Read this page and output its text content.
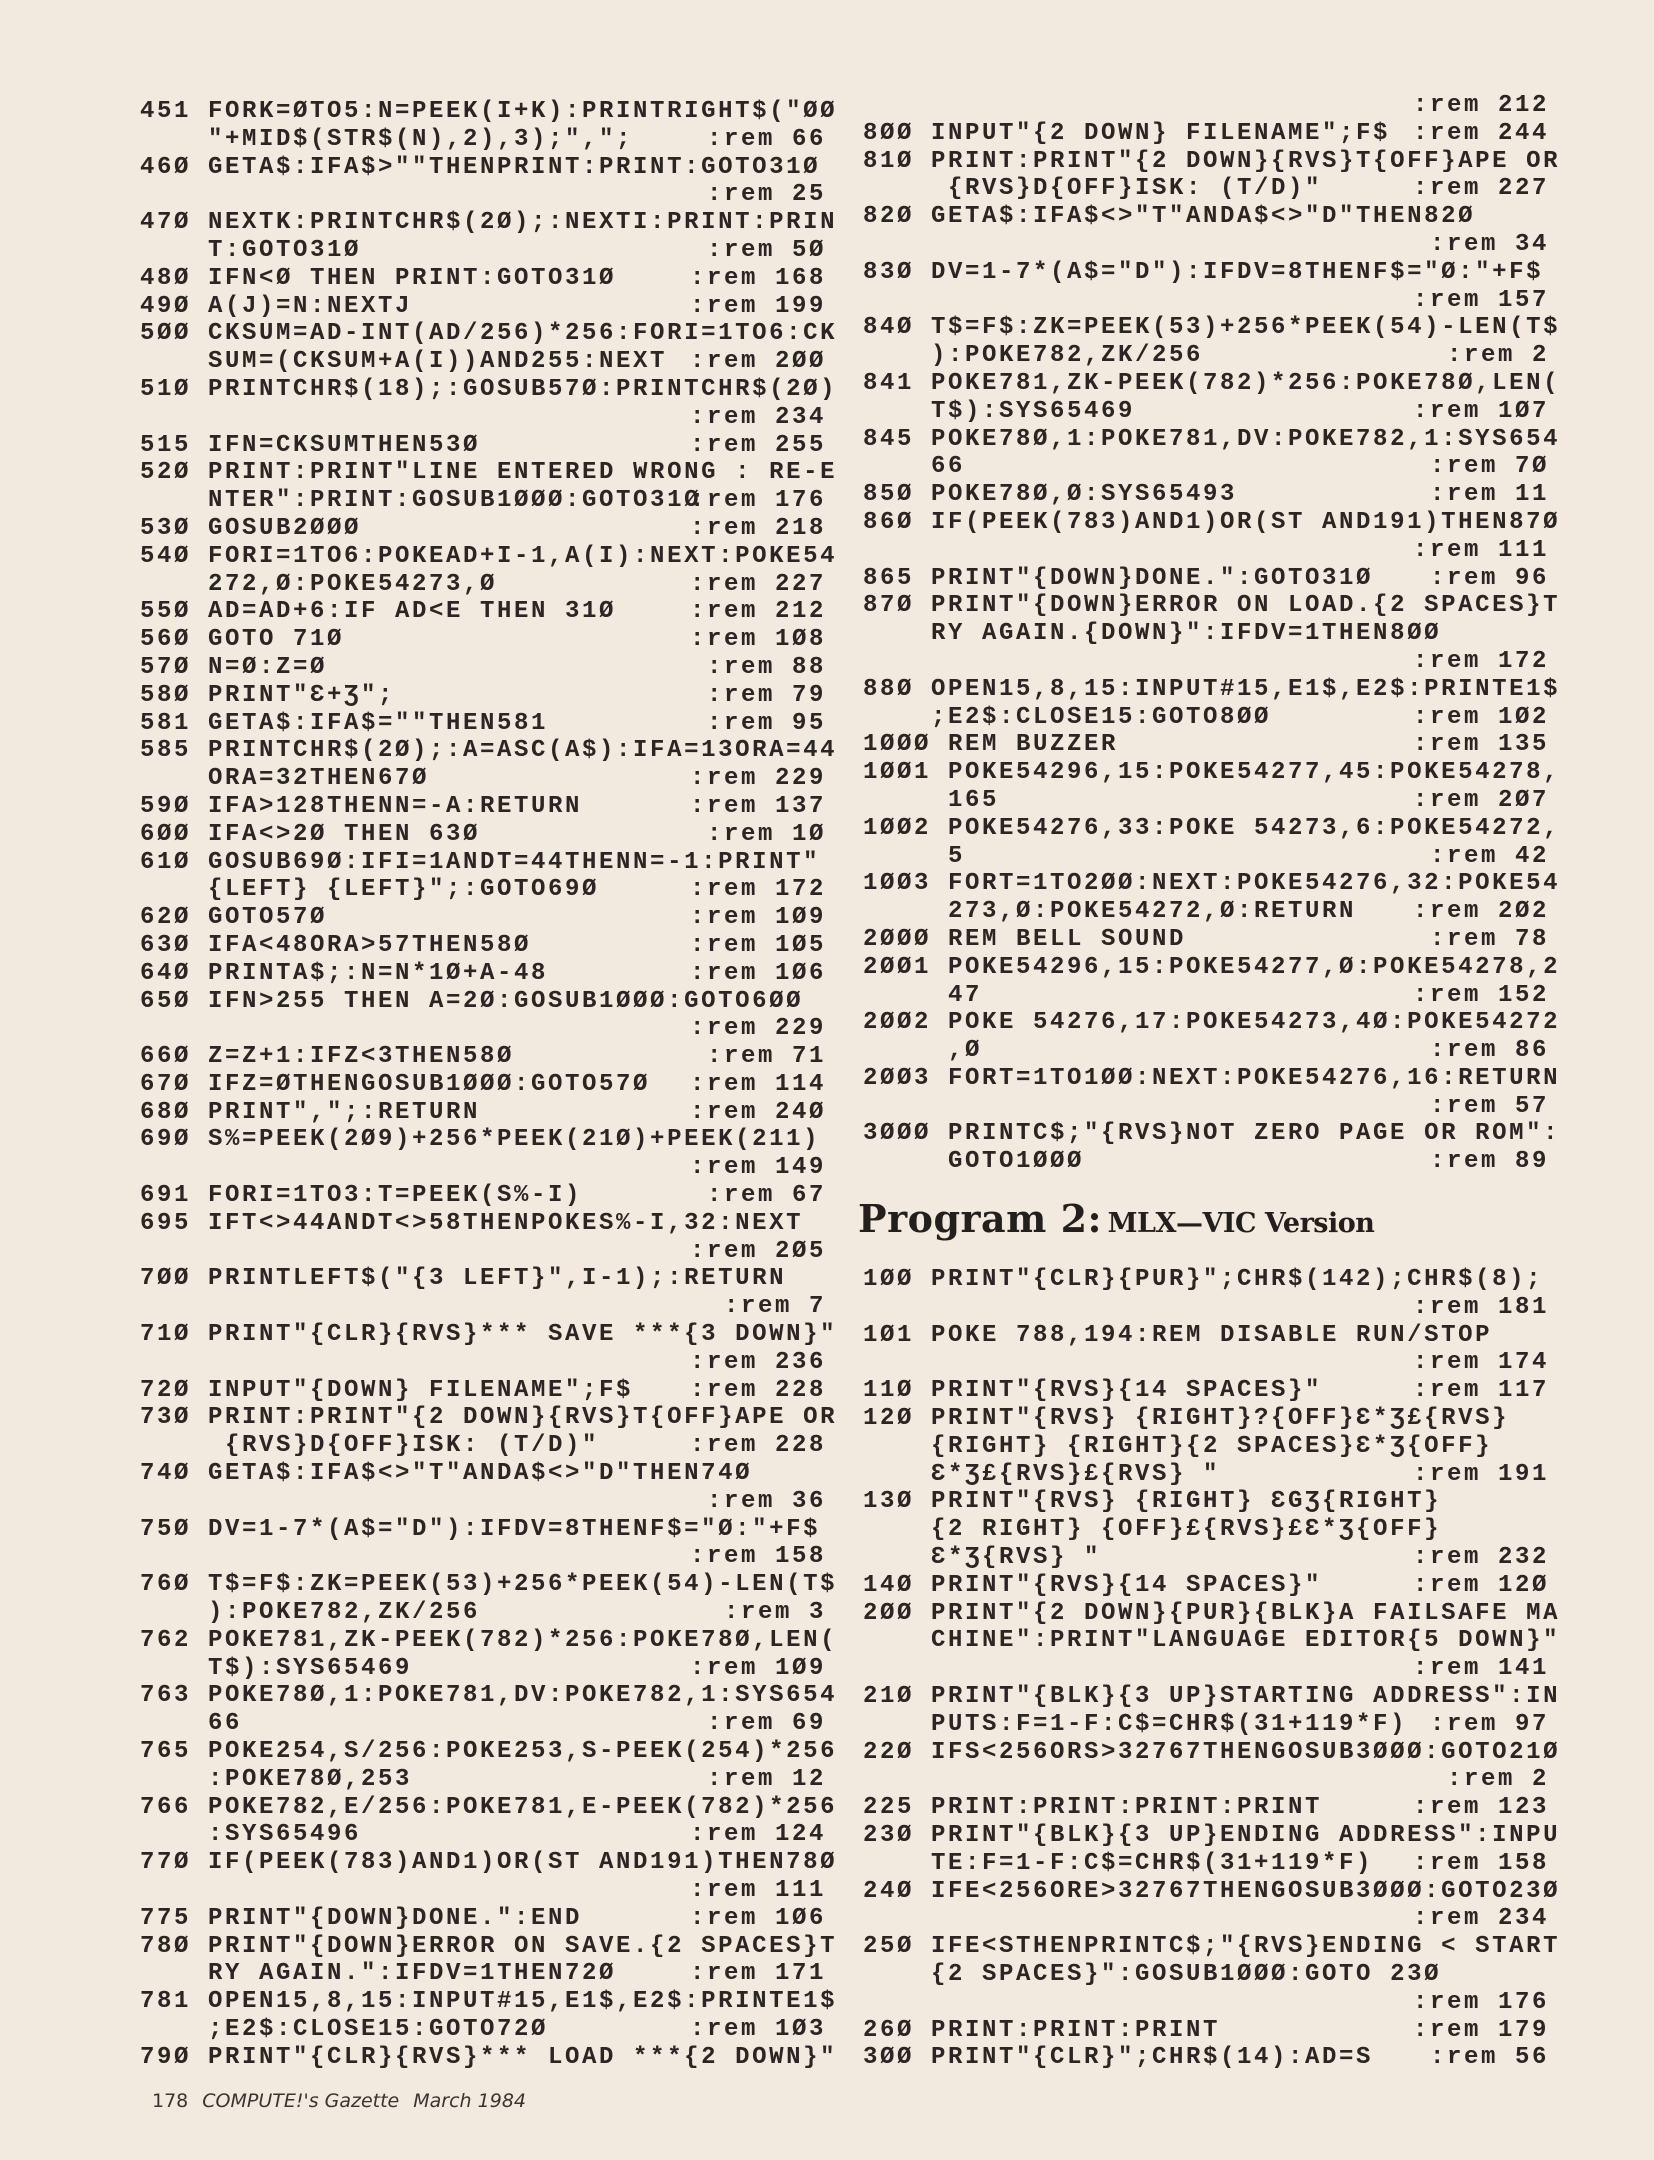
451 FORK=ØTO5:N=PEEK(I+K):PRINTRIGHT$("ØØ
"+MID$(STR$(N),2),3);",";	:rem 66
46Ø GETA$:IFA$>""THENPRINT:PRINT:GOTO31Ø
:rem 25
47Ø NEXTK:PRINTCHR$(2Ø);:NEXTI:PRINT:PRIN
T:GOTO31Ø	:rem 5Ø
48Ø IFN<Ø THEN PRINT:GOTO31Ø	:rem 168
49Ø A(J)=N:NEXTJ	:rem 199
5ØØ CKSUM=AD-INT(AD/256)*256:FORI=1TO6:CK
SUM=(CKSUM+A(I))AND255:NEXT :rem 2ØØ
51Ø PRINTCHR$(18);:GOSUB57Ø:PRINTCHR$(2Ø)
:rem 234
515 IFN=CKSUMTHEN53Ø	:rem 255
52Ø PRINT:PRINT"LINE ENTERED WRONG : RE-E
NTER":PRINT:GOSUB1ØØØ:GOTO31Ø
:rem 176
53Ø GOSUB2ØØØ	:rem 218
54Ø FORI=1TO6:POKEAD+I-1,A(I):NEXT:POKE54
272,Ø:POKE54273,Ø	:rem 227
55Ø AD=AD+6:IF AD<E THEN 31Ø	:rem 212
56Ø GOTO 71Ø	:rem 1Ø8
57Ø N=Ø:Z=Ø	:rem 88
58Ø PRINT"Ɛ+Ʒ";	:rem 79
581 GETA$:IFA$=""THEN581	:rem 95
585 PRINTCHR$(2Ø);:A=ASC(A$):IFA=13ORA=44
ORA=32THEN67Ø	:rem 229
59Ø IFA>128THENN=-A:RETURN	:rem 137
6ØØ IFA<>2Ø THEN 63Ø	:rem 1Ø
61Ø GOSUB69Ø:IFI=1ANDT=44THENN=-1:PRINT"
{LEFT} {LEFT}";:GOTO69Ø	:rem 172
62Ø GOTO57Ø	:rem 1Ø9
63Ø IFA<48ORA>57THEN58Ø	:rem 1Ø5
64Ø PRINTA$;:N=N*1Ø+A-48	:rem 1Ø6
65Ø IFN>255 THEN A=2Ø:GOSUB1ØØØ:GOTO6ØØ
:rem 229
66Ø Z=Z+1:IFZ<3THEN58Ø	:rem 71
67Ø IFZ=ØTHENGOSUB1ØØØ:GOTO57Ø :rem 114
68Ø PRINT",";:RETURN	:rem 24Ø
69Ø S%=PEEK(2Ø9)+256*PEEK(21Ø)+PEEK(211)
:rem 149
691 FORI=1TO3:T=PEEK(S%-I)	:rem 67
695 IFT<>44ANDT<>58THENPOKES%-I,32:NEXT
:rem 2Ø5
7ØØ PRINTLEFT$("{3 LEFT}",I-1);:RETURN
:rem 7
71Ø PRINT"{CLR}{RVS}*** SAVE ***{3 DOWN}"
:rem 236
72Ø INPUT"{DOWN} FILENAME";F$ :rem 228
73Ø PRINT:PRINT"{2 DOWN}{RVS}T{OFF}APE OR
{RVS}D{OFF}ISK: (T/D)"	:rem 228
74Ø GETA$:IFA$<>"T"ANDA$<>"D"THEN74Ø
:rem 36
75Ø DV=1-7*(A$="D"):IFDV=8THENF$="Ø:"+F$
:rem 158
76Ø T$=F$:ZK=PEEK(53)+256*PEEK(54)-LEN(T$
):POKE782,ZK/256	:rem 3
762 POKE781,ZK-PEEK(782)*256:POKE78Ø,LEN(
T$):SYS65469	:rem 1Ø9
763 POKE78Ø,1:POKE781,DV:POKE782,1:SYS654
66	:rem 69
765 POKE254,S/256:POKE253,S-PEEK(254)*256
:POKE78Ø,253	:rem 12
766 POKE782,E/256:POKE781,E-PEEK(782)*256
:SYS65496	:rem 124
77Ø IF(PEEK(783)AND1)OR(ST AND191)THEN78Ø
:rem 111
775 PRINT"{DOWN}DONE.":END	:rem 1Ø6
78Ø PRINT"{DOWN}ERROR ON SAVE.{2 SPACES}T
RY AGAIN.":IFDV=1THEN72Ø	:rem 171
781 OPEN15,8,15:INPUT#15,E1$,E2$:PRINTE1$
;E2$:CLOSE15:GOTO72Ø	:rem 1Ø3
79Ø PRINT"{CLR}{RVS}*** LOAD ***{2 DOWN}"
:rem 212
8ØØ INPUT"{2 DOWN} FILENAME";F$ :rem 244
81Ø PRINT:PRINT"{2 DOWN}{RVS}T{OFF}APE OR
{RVS}D{OFF}ISK: (T/D)"	:rem 227
82Ø GETA$:IFA$<>"T"ANDA$<>"D"THEN82Ø
:rem 34
83Ø DV=1-7*(A$="D"):IFDV=8THENF$="Ø:"+F$
:rem 157
84Ø T$=F$:ZK=PEEK(53)+256*PEEK(54)-LEN(T$
):POKE782,ZK/256	:rem 2
841 POKE781,ZK-PEEK(782)*256:POKE78Ø,LEN(
T$):SYS65469	:rem 1Ø7
845 POKE78Ø,1:POKE781,DV:POKE782,1:SYS654
66	:rem 7Ø
85Ø POKE78Ø,Ø:SYS65493	:rem 11
86Ø IF(PEEK(783)AND1)OR(ST AND191)THEN87Ø
:rem 111
865 PRINT"{DOWN}DONE.":GOTO31Ø :rem 96
87Ø PRINT"{DOWN}ERROR ON LOAD.{2 SPACES}T
RY AGAIN.{DOWN}":IFDV=1THEN8ØØ
:rem 172
88Ø OPEN15,8,15:INPUT#15,E1$,E2$:PRINTE1$
;E2$:CLOSE15:GOTO8ØØ	:rem 1Ø2
1ØØØ REM BUZZER	:rem 135
1ØØ1 POKE54296,15:POKE54277,45:POKE54278,
165	:rem 2Ø7
1ØØ2 POKE54276,33:POKE 54273,6:POKE54272,
5	:rem 42
1ØØ3 FORT=1TO2ØØ:NEXT:POKE54276,32:POKE54
273,Ø:POKE54272,Ø:RETURN :rem 2Ø2
2ØØØ REM BELL SOUND	:rem 78
2ØØ1 POKE54296,15:POKE54277,Ø:POKE54278,2
47	:rem 152
2ØØ2 POKE 54276,17:POKE54273,4Ø:POKE54272
,Ø	:rem 86
2ØØ3 FORT=1TO1ØØ:NEXT:POKE54276,16:RETURN
:rem 57
3ØØØ PRINTC$;"{RVS}NOT ZERO PAGE OR ROM":
GOTO1ØØØ	:rem 89
Program 2: MLX—VIC Version
1ØØ PRINT"{CLR}{PUR}";CHR$(142);CHR$(8);
:rem 181
1Ø1 POKE 788,194:REM DISABLE RUN/STOP
:rem 174
11Ø PRINT"{RVS}{14 SPACES}"	:rem 117
12Ø PRINT"{RVS} {RIGHT}?{OFF}Ɛ*Ʒ£{RVS}
{RIGHT} {RIGHT}{2 SPACES}Ɛ*Ʒ{OFF}
Ɛ*Ʒ£{RVS}£{RVS} "	:rem 191
13Ø PRINT"{RVS} {RIGHT} ƐGƷ{RIGHT}
{2 RIGHT} {OFF}£{RVS}£Ɛ*Ʒ{OFF}
Ɛ*Ʒ{RVS} "	:rem 232
14Ø PRINT"{RVS}{14 SPACES}"	:rem 12Ø
2ØØ PRINT"{2 DOWN}{PUR}{BLK}A FAILSAFE MA
CHINE":PRINT"LANGUAGE EDITOR{5 DOWN}"
:rem 141
21Ø PRINT"{BLK}{3 UP}STARTING ADDRESS":IN
PUTS:F=1-F:C$=CHR$(31+119*F) :rem 97
22Ø IFS<256ORS>32767THENGOSUB3ØØØ:GOTO21Ø
:rem 2
225 PRINT:PRINT:PRINT:PRINT	:rem 123
23Ø PRINT"{BLK}{3 UP}ENDING ADDRESS":INPU
TE:F=1-F:C$=CHR$(31+119*F) :rem 158
24Ø IFE<256ORE>32767THENGOSUB3ØØØ:GOTO23Ø
:rem 234
25Ø IFE<STHENPRINTC$;"{RVS}ENDING < START
{2 SPACES}":GOSUB1ØØØ:GOTO 23Ø
:rem 176
26Ø PRINT:PRINT:PRINT	:rem 179
3ØØ PRINT"{CLR}";CHR$(14):AD=S :rem 56
178 COMPUTE!'s Gazette March 1984
